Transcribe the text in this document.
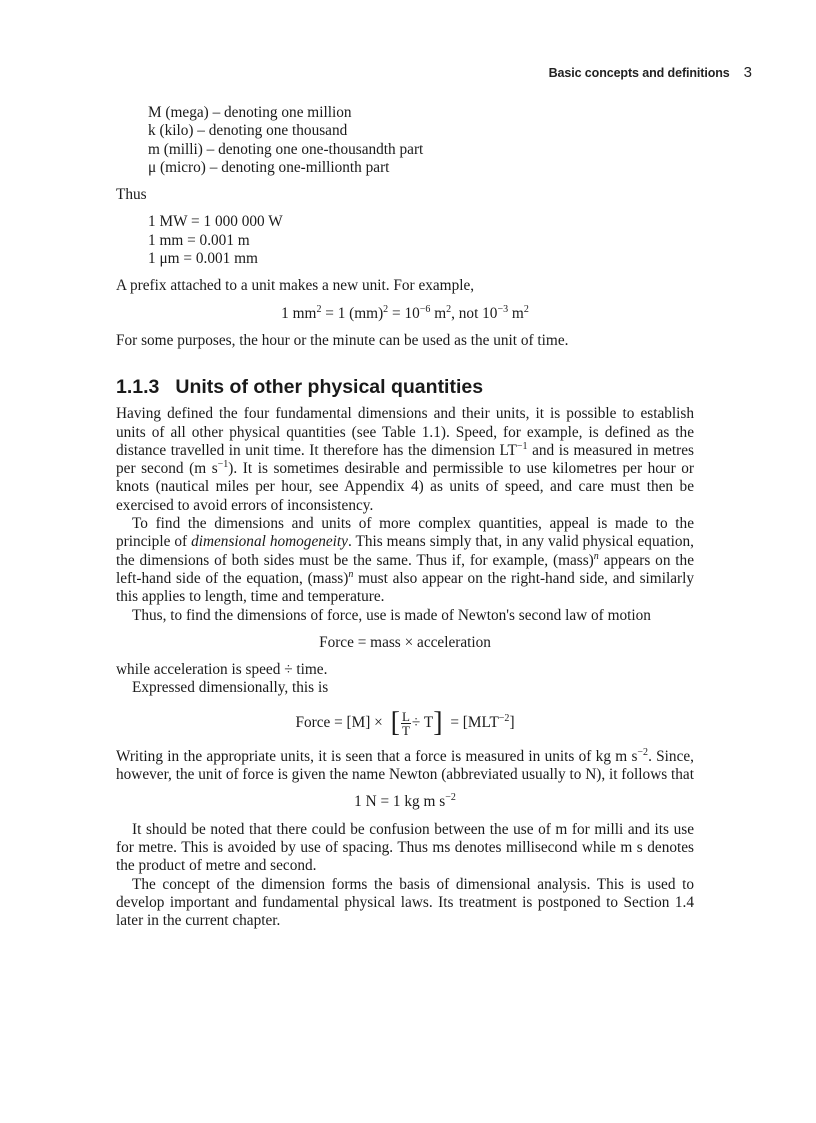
Basic concepts and definitions 3
M (mega) – denoting one million
k (kilo) – denoting one thousand
m (milli) – denoting one one-thousandth part
μ (micro) – denoting one-millionth part

Thus

1 MW = 1 000 000 W
1 mm = 0.001 m
1 μm = 0.001 mm

A prefix attached to a unit makes a new unit. For example,

1 $mm^2 = 1$ $(mm)^2 = 10^{-6}$ $m^2$, not $10^{-3}$ $m^2$

For some purposes, the hour or the minute can be used as the unit of time.

1.1.3 Units of other physical quantities

Having defined the four fundamental dimensions and their units, it is possible to establish units of all other physical quantities (see Table 1.1). Speed, for example, is defined as the distance travelled in unit time. It therefore has the dimension $LT^{-1}$ and is measured in metres per second (m $s^{-1}$). It is sometimes desirable and permissible to use kilometres per hour or knots (nautical miles per hour, see Appendix 4) as units of speed, and care must then be exercised to avoid errors of inconsistency.

To find the dimensions and units of more complex quantities, appeal is made to the principle of dimensional homogeneity. This means simply that, in any valid physical equation, the dimensions of both sides must be the same. Thus if, for example, (mass)$^n$ appears on the left-hand side of the equation, (mass)$^n$ must also appear on the right-hand side, and similarly this applies to length, time and temperature.

Thus, to find the dimensions of force, use is made of Newton's second law of motion

Force = mass × acceleration

while acceleration is speed ÷ time.

Expressed dimensionally, this is

Force = [M] × [ $\frac{L}{T} \div T$ ] = $[MLT^{-2}]$

Writing in the appropriate units, it is seen that a force is measured in units of kg m $s^{-2}$. Since, however, the unit of force is given the name Newton (abbreviated usually to N), it follows that

1 N = 1 kg m $s^{-2}$

It should be noted that there could be confusion between the use of m for milli and its use for metre. This is avoided by use of spacing. Thus ms denotes millisecond while m s denotes the product of metre and second.

The concept of the dimension forms the basis of dimensional analysis. This is used to develop important and fundamental physical laws. Its treatment is postponed to Section 1.4 later in the current chapter.
